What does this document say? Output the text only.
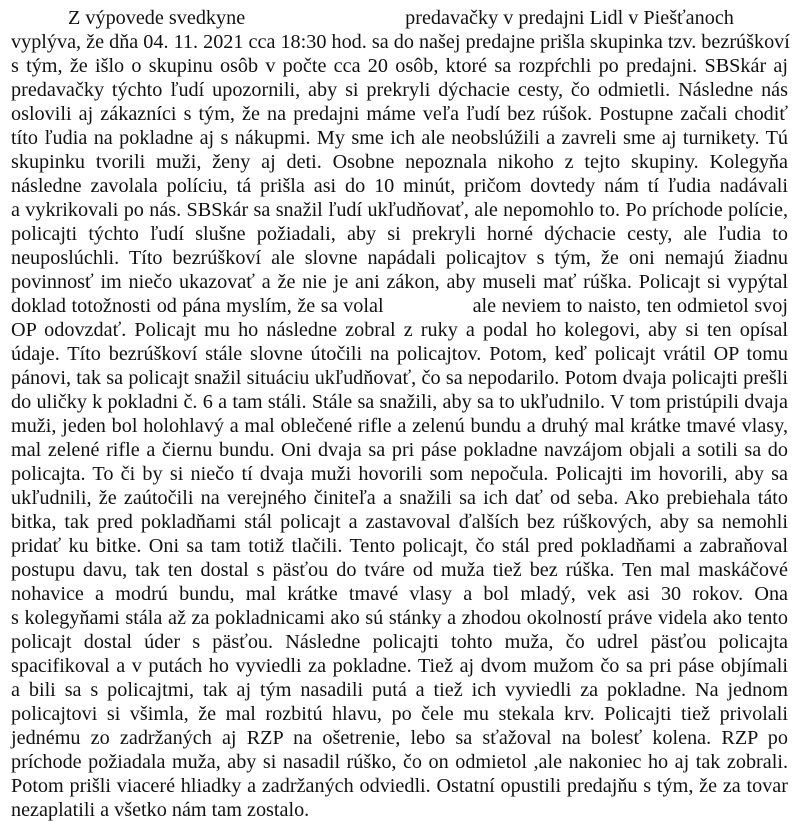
Z výpovede svedkyne	predavačky v predajni Lidl v Piešťanoch
vyplýva, že dňa 04. 11. 2021 cca 18:30 hod. sa do našej predajne prišla skupinka tzv. bezrúškoví
s tým, že išlo o skupinu osôb v počte cca 20 osôb, ktoré sa rozpŕchli po predajni. SBSkár aj
predavačky týchto ľudí upozornili, aby si prekryli dýchacie cesty, čo odmietli. Následne nás
oslovili aj zákazníci s tým, že na predajni máme veľa ľudí bez rúšok. Postupne začali chodiť
títo ľudia na pokladne aj s nákupmi. My sme ich ale neobslúžili a zavreli sme aj turnikety. Tú
skupinku tvorili muži, ženy aj deti. Osobne nepoznala nikoho z tejto skupiny. Kolegyňa
následne zavolala políciu, tá prišla asi do 10 minút, pričom dovtedy nám tí ľudia nadávali
a vykrikovali po nás. SBSkár sa snažil ľudí ukľudňovať, ale nepomohlo to. Po príchode polície,
policajti týchto ľudí slušne požiadali, aby si prekryli horné dýchacie cesty, ale ľudia to
neuposlúchli. Títo bezrúškoví ale slovne napádali policajtov s tým, že oni nemajú žiadnu
povinnosť im niečo ukazovať a že nie je ani zákon, aby museli mať rúška. Policajt si vypýtal
doklad totožnosti od pána myslím, že sa volal                ale neviem to naisto, ten odmietol svoj
OP odovzdať. Policajt mu ho následne zobral z ruky a podal ho kolegovi, aby si ten opísal
údaje. Títo bezrúškoví stále slovne útočili na policajtov. Potom, keď policajt vrátil OP tomu
pánovi, tak sa policajt snažil situáciu ukľudňovať, čo sa nepodarilo. Potom dvaja policajti prešli
do uličky k pokladni č. 6 a tam stáli. Stále sa snažili, aby sa to ukľudnilo. V tom pristúpili dvaja
muži, jeden bol holohlavý a mal oblečené rifle a zelenú bundu a druhý mal krátke tmavé vlasy,
mal zelené rifle a čiernu bundu. Oni dvaja sa pri páse pokladne navzájom objali a sotili sa do
policajta. To či by si niečo tí dvaja muži hovorili som nepočula. Policajti im hovorili, aby sa
ukľudnili, že zaútočili na verejného činiteľa a snažili sa ich dať od seba. Ako prebiehala táto
bitka, tak pred pokladňami stál policajt a zastavoval ďalších bez rúškových, aby sa nemohli
pridať ku bitke. Oni sa tam totiž tlačili. Tento policajt, čo stál pred pokladňami a zabraňoval
postupu davu, tak ten dostal s päsťou do tváre od muža tiež bez rúška. Ten mal maskáčové
nohavice a modrú bundu, mal krátke tmavé vlasy a bol mladý, vek asi 30 rokov. Ona
s kolegyňami stála až za pokladnicami ako sú stánky a zhodou okolností práve videla ako tento
policajt dostal úder s päsťou. Následne policajti tohto muža, čo udrel päsťou policajta
spacifikoval a v putách ho vyviedli za pokladne. Tiež aj dvom mužom čo sa pri páse objímali
a bili sa s policajtmi, tak aj tým nasadili putá a tiež ich vyviedli za pokladne. Na jednom
policajtovi si všimla, že mal rozbitú hlavu, po čele mu stekala krv. Policajti tiež privolali
jednému zo zadržaných aj RZP na ošetrenie, lebo sa sťažoval na bolesť kolena. RZP po
príchode požiadala muža, aby si nasadil rúško, čo on odmietol ,ale nakoniec ho aj tak zobrali.
Potom prišli viaceré hliadky a zadržaných odviedli. Ostatní opustili predajňu s tým, že za tovar
nezaplatili a všetko nám tam zostalo.
